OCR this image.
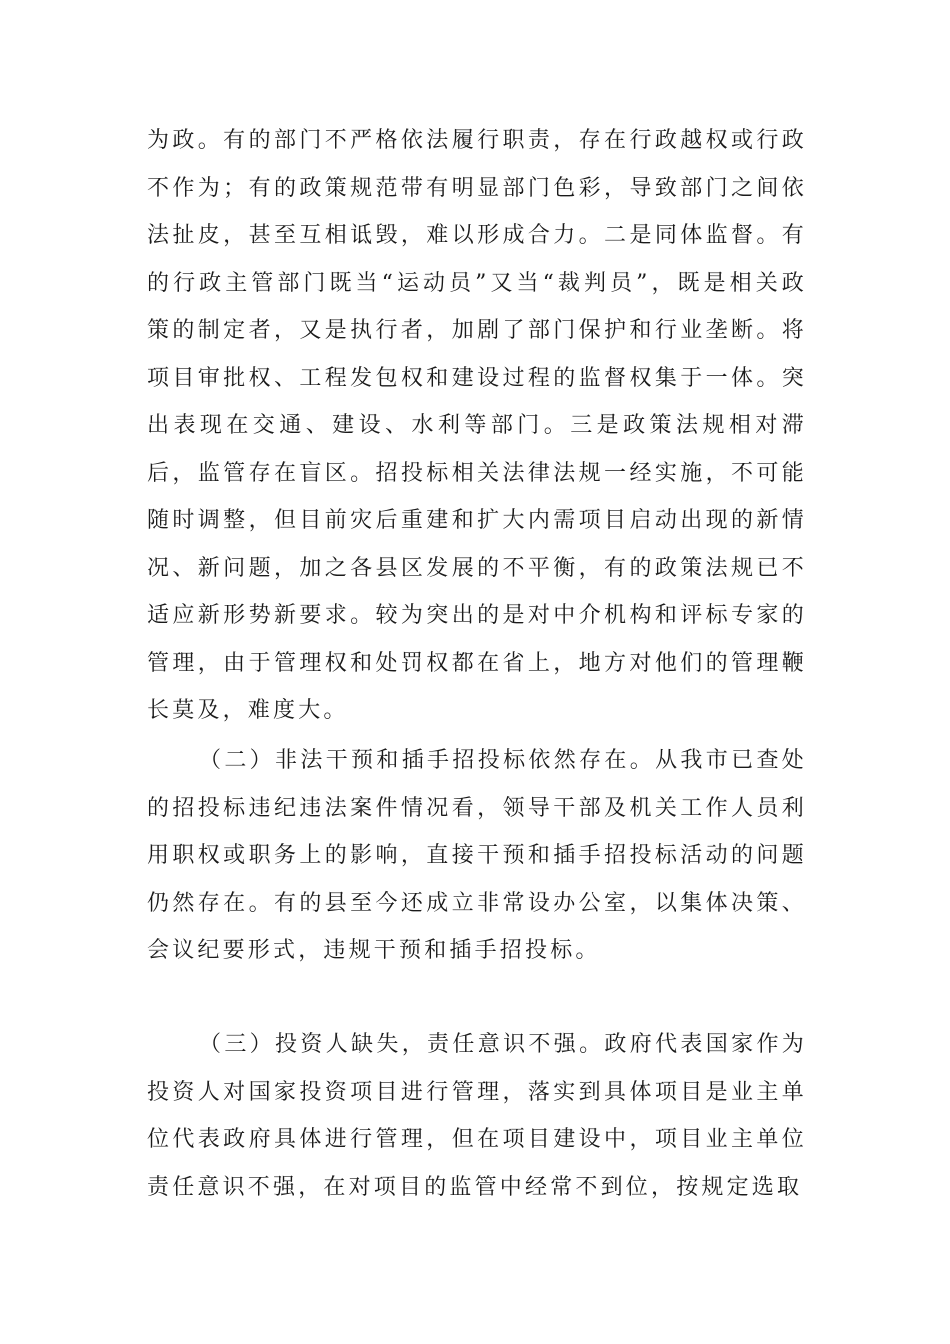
为政。有的部门不严格依法履行职责，存在行政越权或行政不作为；有的政策规范带有明显部门色彩，导致部门之间依法扯皮，甚至互相诋毁，难以形成合力。二是同体监督。有的行政主管部门既当“运动员”又当“裁判员”，既是相关政策的制定者，又是执行者，加剧了部门保护和行业垄断。将项目审批权、工程发包权和建设过程的监督权集于一体。突出表现在交通、建设、水利等部门。三是政策法规相对滞后，监管存在盲区。招投标相关法律法规一经实施，不可能随时调整，但目前灾后重建和扩大内需项目启动出现的新情况、新问题，加之各县区发展的不平衡，有的政策法规已不适应新形势新要求。较为突出的是对中介机构和评标专家的管理，由于管理权和处罚权都在省上，地方对他们的管理鞭长莫及，难度大。

（二）非法干预和插手招投标依然存在。从我市已查处的招投标违纪违法案件情况看，领导干部及机关工作人员利用职权或职务上的影响，直接干预和插手招投标活动的问题仍然存在。有的县至今还成立非常设办公室，以集体决策、会议纪要形式，违规干预和插手招投标。

（三）投资人缺失，责任意识不强。政府代表国家作为投资人对国家投资项目进行管理，落实到具体项目是业主单位代表政府具体进行管理，但在项目建设中，项目业主单位责任意识不强，在对项目的监管中经常不到位，按规定选取
